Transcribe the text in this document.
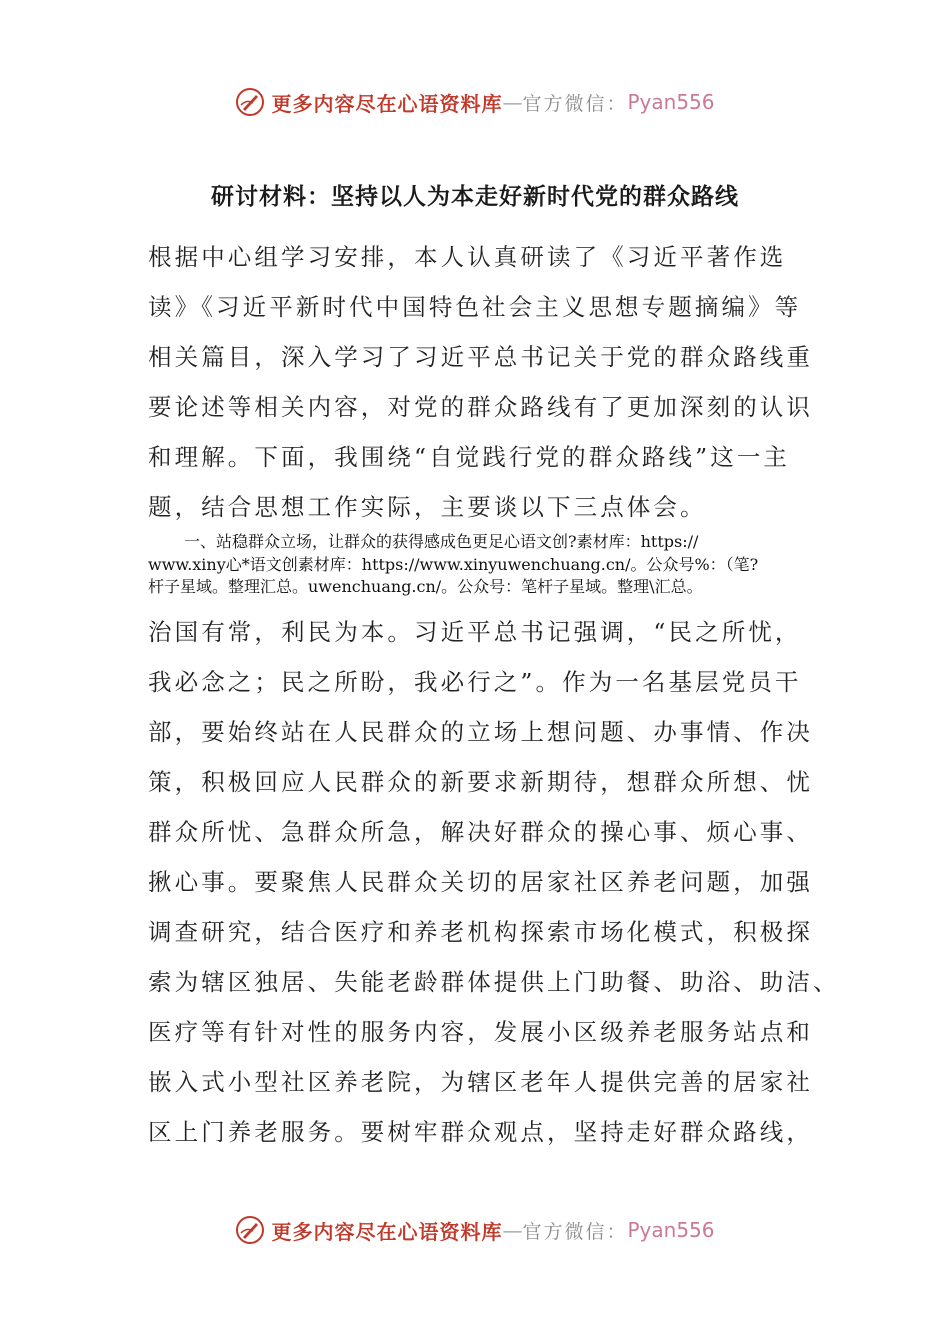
更多内容尽在心语资料库 — 官方微信： Pyan556
研讨材料：坚持以人为本走好新时代党的群众路线

根据中心组学习安排，本人认真研读了《习近平著作选

读》《习近平新时代中国特色社会主义思想专题摘编》等

相关篇目，深入学习了习近平总书记关于党的群众路线重

要论述等相关内容，对党的群众路线有了更加深刻的认识

和理解。下面，我围绕“自觉践行党的群众路线”这一主

题，结合思想工作实际，主要谈以下三点体会。

一、站稳群众立场，让群众的获得感成色更足心语文创?素材库：https://

www.xiny心*语文创素材库：https://www.xinyuwenchuang.cn/。公众号%：（笔?

杆子星域。整理汇总。uwenchuang.cn/。公众号：笔杆子星域。整理\汇总。

治国有常，利民为本。习近平总书记强调，“民之所忧，

我必念之；民之所盼，我必行之”。作为一名基层党员干

部，要始终站在人民群众的立场上想问题、办事情、作决

策，积极回应人民群众的新要求新期待，想群众所想、忧

群众所忧、急群众所急，解决好群众的操心事、烦心事、

揪心事。要聚焦人民群众关切的居家社区养老问题，加强

调查研究，结合医疗和养老机构探索市场化模式，积极探

索为辖区独居、失能老龄群体提供上门助餐、助浴、助洁、

医疗等有针对性的服务内容，发展小区级养老服务站点和

嵌入式小型社区养老院，为辖区老年人提供完善的居家社

区上门养老服务。要树牢群众观点，坚持走好群众路线，

更多内容尽在心语资料库 — 官方微信： Pyan556
